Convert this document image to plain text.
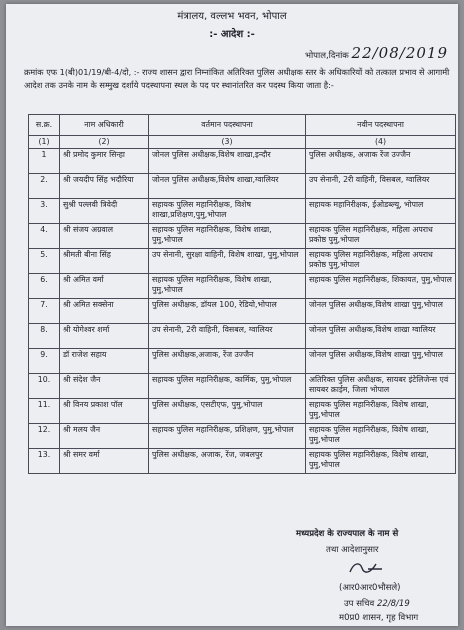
मंत्रालय, वल्लभ भवन, भोपाल
:- आदेश :-
भोपाल,दिनांक 22/08/2019
क्रमांक एफ 1(बी)01/19/बी-4/दो, :- राज्य शासन द्वारा निम्नांकित अतिरिक्त पुलिस अधीक्षक स्तर के अधिकारियों को तत्काल प्रभाव से आगामी आदेश तक उनके नाम के सम्मुख दर्शाये पदस्थापना स्थल के पद पर स्थानांतरित कर पदस्थ किया जाता है:-
स.क्र.	नाम अधिकारी	वर्तमान पदस्थापना	नवीन पदस्थापना
(1)	(2)	(3)	(4)
1	श्री प्रमोद कुमार सिन्हा	जोनल पुलिस अधीक्षक,विशेष शाखा,इन्दौर	पुलिस अधीक्षक, अजाक रेंज उज्जैन
2.	श्री जयदीप सिंह भदौरिया	जोनल पुलिस अधीक्षक,विशेष शाखा,ग्वालियर	उप सेनानी, 2री वाहिनी, विसबल, ग्वालियर
3.	सुश्री पल्लवी त्रिवेदी	सहायक पुलिस महानिरीक्षक, विशेष शाखा,प्रशिक्षण,पुमु,भोपाल	सहायक महानिरीक्षक, ईओडब्ल्यू, भोपाल
4.	श्री संजय अग्रवाल	सहायक पुलिस महानिरीक्षक, विशेष शाखा, पुमु,भोपाल	सहायक पुलिस महानिरीक्षक, महिला अपराध प्रकोष्ठ पुमु,भोपाल
5.	श्रीमती बीना सिंह	उप सेनानी, सुरक्षा वाहिनी, विशेष शाखा, पुमु,भोपाल	सहायक पुलिस महानिरीक्षक, महिला अपराध प्रकोष्ठ पुमु,भोपाल
6.	श्री अमित वर्मा	सहायक पुलिस महानिरीक्षक, विशेष शाखा, पुमु,भोपाल	सहायक पुलिस महानिरीक्षक, शिकायत, पुमु,भोपाल
7.	श्री अमित सक्सेना	पुलिस अधीक्षक, डॉयल 100, रेडियो,भोपाल	जोनल पुलिस अधीक्षक,विशेष शाखा पुमु,भोपाल
8.	श्री योगेश्वर शर्मा	उप सेनानी, 2री वाहिनी, विसबल, ग्वालियर	जोनल पुलिस अधीक्षक,विशेष शाखा ग्वालियर
9.	डॉ राजेश सहाय	पुलिस अधीक्षक,अजाक, रेंज उज्जैन	जोनल पुलिस अधीक्षक,विशेष शाखा पुमु,भोपाल
10.	श्री संदेश जैन	सहायक पुलिस महानिरीक्षक, कार्मिक, पुमु,भोपाल	अतिरिक्त पुलिस अधीक्षक, सायबर इंटेलिजेन्स एवं सायबर क्राईम, जिला भोपाल
11.	श्री विनय प्रकाश पॉल	पुलिस अधीक्षक, एसटीएफ, पुमु,भोपाल	सहायक पुलिस महानिरीक्षक, विशेष शाखा, पुमु,भोपाल
12.	श्री मलय जैन	सहायक पुलिस महानिरीक्षक, प्रशिक्षण, पुमु,भोपाल	सहायक पुलिस महानिरीक्षक, विशेष शाखा, पुमु,भोपाल
13.	श्री समर वर्मा	पुलिस अधीक्षक, अजाक, रेंज, जबलपुर	सहायक पुलिस महानिरीक्षक, विशेष शाखा, पुमु,भोपाल
मध्यप्रदेश के राज्यपाल के नाम से
तथा आदेशानुसार
(आर0आर0भौसले)
उप सचिव 22/8/19
म0प्र0 शासन, गृह विभाग
